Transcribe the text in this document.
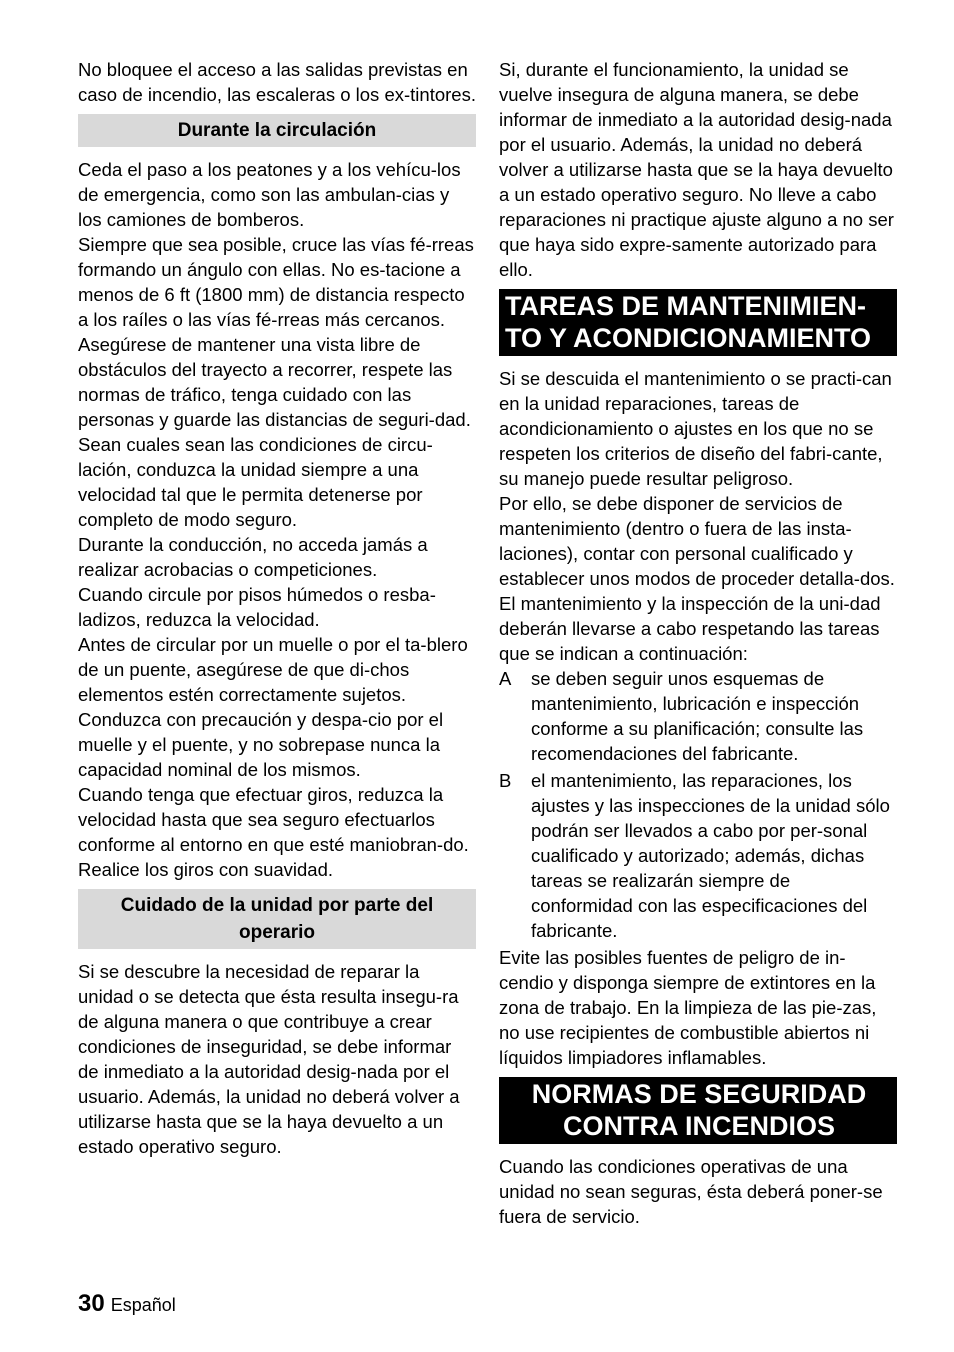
No bloquee el acceso a las salidas previstas en caso de incendio, las escaleras o los ex-tintores.

Durante la circulación

Ceda el paso a los peatones y a los vehícu-los de emergencia, como son las ambulan-cias y los camiones de bomberos.

Siempre que sea posible, cruce las vías fé-rreas formando un ángulo con ellas. No es-tacione a menos de 6 ft (1800 mm) de distancia respecto a los raíles o las vías fé-rreas más cercanos.

Asegúrese de mantener una vista libre de obstáculos del trayecto a recorrer, respete las normas de tráfico, tenga cuidado con las personas y guarde las distancias de seguri-dad.

Sean cuales sean las condiciones de circu-lación, conduzca la unidad siempre a una velocidad tal que le permita detenerse por completo de modo seguro.

Durante la conducción, no acceda jamás a realizar acrobacias o competiciones.

Cuando circule por pisos húmedos o resba-ladizos, reduzca la velocidad.

Antes de circular por un muelle o por el ta-blero de un puente, asegúrese de que di-chos elementos estén correctamente sujetos. Conduzca con precaución y despa-cio por el muelle y el puente, y no sobrepase nunca la capacidad nominal de los mismos.

Cuando tenga que efectuar giros, reduzca la velocidad hasta que sea seguro efectuarlos conforme al entorno en que esté maniobran-do. Realice los giros con suavidad.

Cuidado de la unidad por parte del operario

Si se descubre la necesidad de reparar la unidad o se detecta que ésta resulta insegu-ra de alguna manera o que contribuye a crear condiciones de inseguridad, se debe informar de inmediato a la autoridad desig-nada por el usuario. Además, la unidad no deberá volver a utilizarse hasta que se la haya devuelto a un estado operativo seguro.

Si, durante el funcionamiento, la unidad se vuelve insegura de alguna manera, se debe informar de inmediato a la autoridad desig-nada por el usuario. Además, la unidad no deberá volver a utilizarse hasta que se la haya devuelto a un estado operativo seguro. No lleve a cabo reparaciones ni practique ajuste alguno a no ser que haya sido expre-samente autorizado para ello.

TAREAS DE MANTENIMIEN-
TO Y ACONDICIONAMIENTO

Si se descuida el mantenimiento o se practi-can en la unidad reparaciones, tareas de acondicionamiento o ajustes en los que no se respeten los criterios de diseño del fabri-cante, su manejo puede resultar peligroso.

Por ello, se debe disponer de servicios de mantenimiento (dentro o fuera de las insta-laciones), contar con personal cualificado y establecer unos modos de proceder detalla-dos.

El mantenimiento y la inspección de la uni-dad deberán llevarse a cabo respetando las tareas que se indican a continuación:

A	se deben seguir unos esquemas de mantenimiento, lubricación e inspección conforme a su planificación; consulte las recomendaciones del fabricante.
B	el mantenimiento, las reparaciones, los ajustes y las inspecciones de la unidad sólo podrán ser llevados a cabo por per-sonal cualificado y autorizado; además, dichas tareas se realizarán siempre de conformidad con las especificaciones del fabricante.

Evite las posibles fuentes de peligro de in-cendio y disponga siempre de extintores en la zona de trabajo. En la limpieza de las pie-zas, no use recipientes de combustible abiertos ni líquidos limpiadores inflamables.

NORMAS DE SEGURIDAD
CONTRA INCENDIOS

Cuando las condiciones operativas de una unidad no sean seguras, ésta deberá poner-se fuera de servicio.

30 Español
